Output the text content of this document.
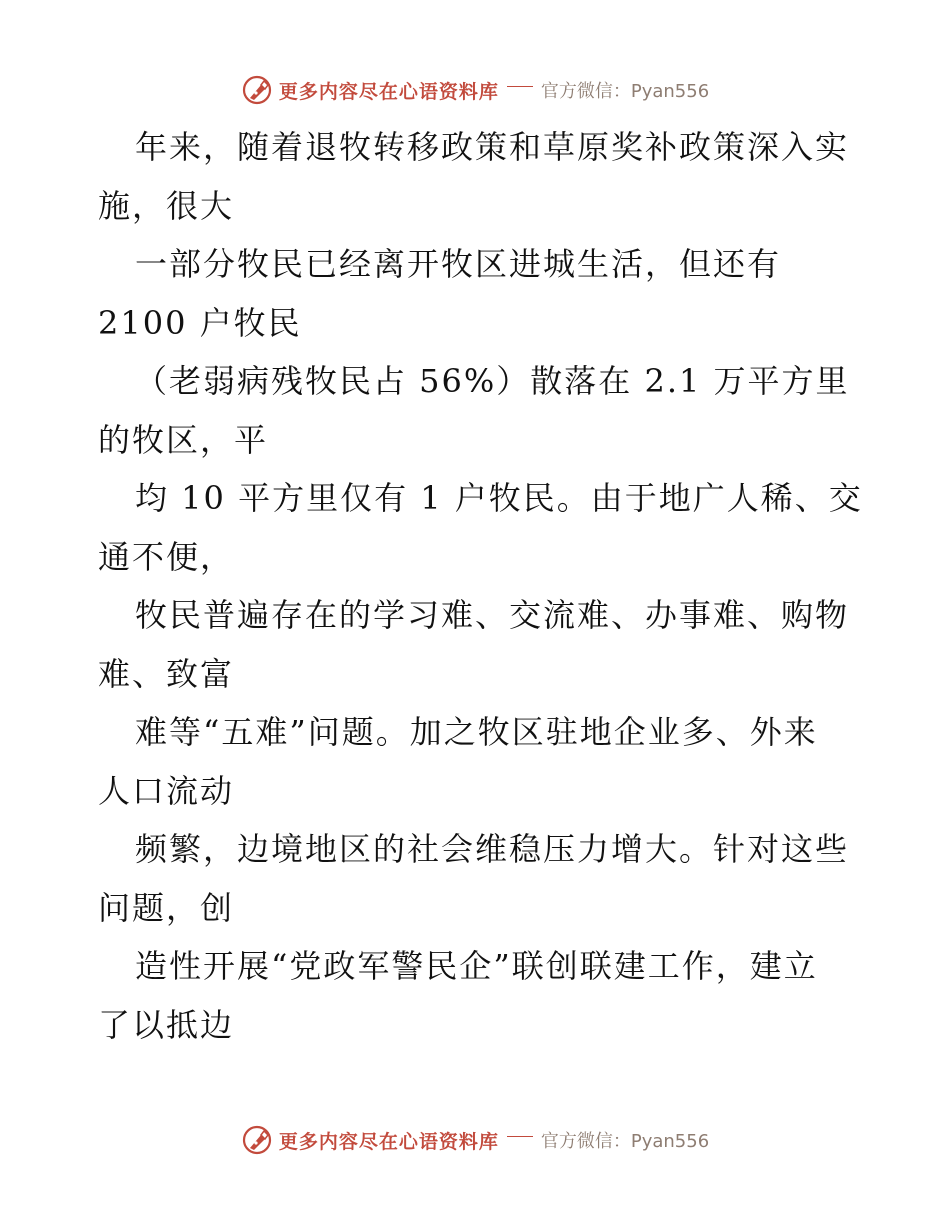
更多内容尽在心语资料库 官方微信：Pyan556
年来，随着退牧转移政策和草原奖补政策深入实
施，很大
一部分牧民已经离开牧区进城生活，但还有
2100 户牧民
（老弱病残牧民占 56%）散落在 2.1 万平方里
的牧区，平
均 10 平方里仅有 1 户牧民。由于地广人稀、交
通不便，
牧民普遍存在的学习难、交流难、办事难、购物
难、致富
难等“五难”问题。加之牧区驻地企业多、外来
人口流动
频繁，边境地区的社会维稳压力增大。针对这些
问题，创
造性开展“党政军警民企”联创联建工作，建立
了以抵边
更多内容尽在心语资料库 官方微信：Pyan556
